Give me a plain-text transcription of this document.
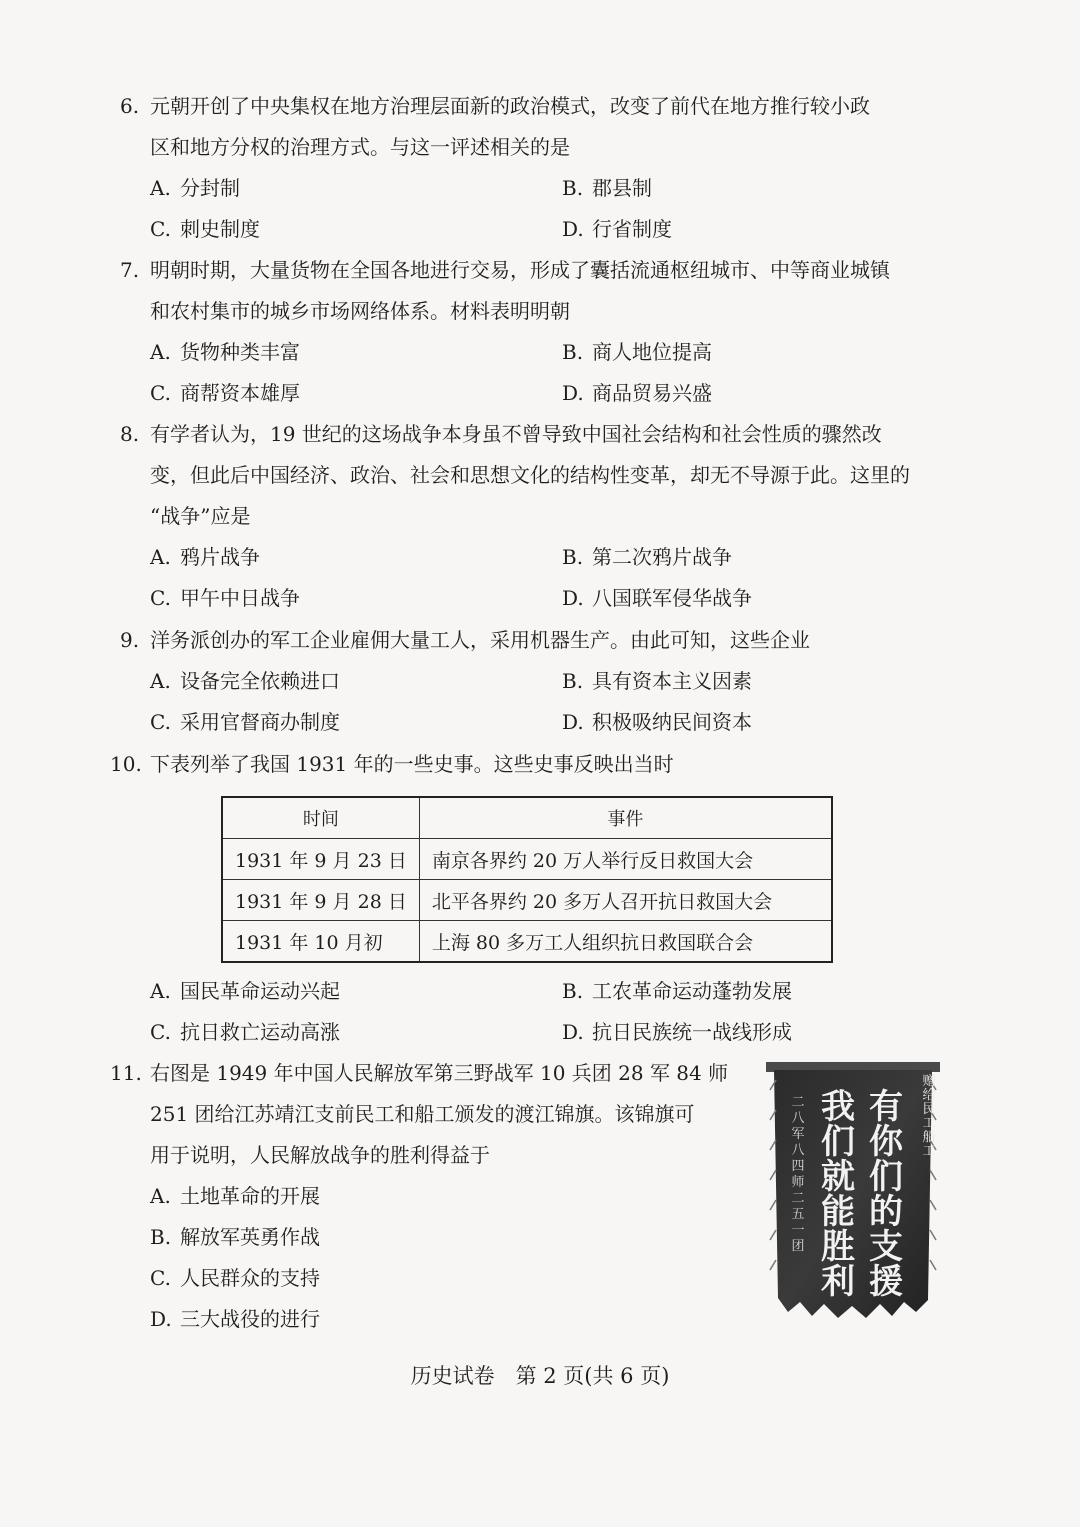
6. 元朝开创了中央集权在地方治理层面新的政治模式，改变了前代在地方推行较小政
区和地方分权的治理方式。与这一评述相关的是
A. 分封制	B. 郡县制
C. 刺史制度	D. 行省制度
7. 明朝时期，大量货物在全国各地进行交易，形成了囊括流通枢纽城市、中等商业城镇
和农村集市的城乡市场网络体系。材料表明明朝
A. 货物种类丰富	B. 商人地位提高
C. 商帮资本雄厚	D. 商品贸易兴盛
8. 有学者认为，19 世纪的这场战争本身虽不曾导致中国社会结构和社会性质的骤然改
变，但此后中国经济、政治、社会和思想文化的结构性变革，却无不导源于此。这里的
“战争”应是
A. 鸦片战争	B. 第二次鸦片战争
C. 甲午中日战争	D. 八国联军侵华战争
9. 洋务派创办的军工企业雇佣大量工人，采用机器生产。由此可知，这些企业
A. 设备完全依赖进口	B. 具有资本主义因素
C. 采用官督商办制度	D. 积极吸纳民间资本
10. 下表列举了我国 1931 年的一些史事。这些史事反映出当时
时间	事件
1931 年 9 月 23 日	南京各界约 20 万人举行反日救国大会
1931 年 9 月 28 日	北平各界约 20 多万人召开抗日救国大会
1931 年 10 月初	上海 80 多万工人组织抗日救国联合会
A. 国民革命运动兴起	B. 工农革命运动蓬勃发展
C. 抗日救亡运动高涨	D. 抗日民族统一战线形成
11. 右图是 1949 年中国人民解放军第三野战军 10 兵团 28 军 84 师
251 团给江苏靖江支前民工和船工颁发的渡江锦旗。该锦旗可
用于说明，人民解放战争的胜利得益于
A. 土地革命的开展
B. 解放军英勇作战
C. 人民群众的支持
D. 三大战役的进行
赠给民工船工
有你们的支援
我们就能胜利
二八军八四师二五一团
历史试卷　第 2 页(共 6 页)
